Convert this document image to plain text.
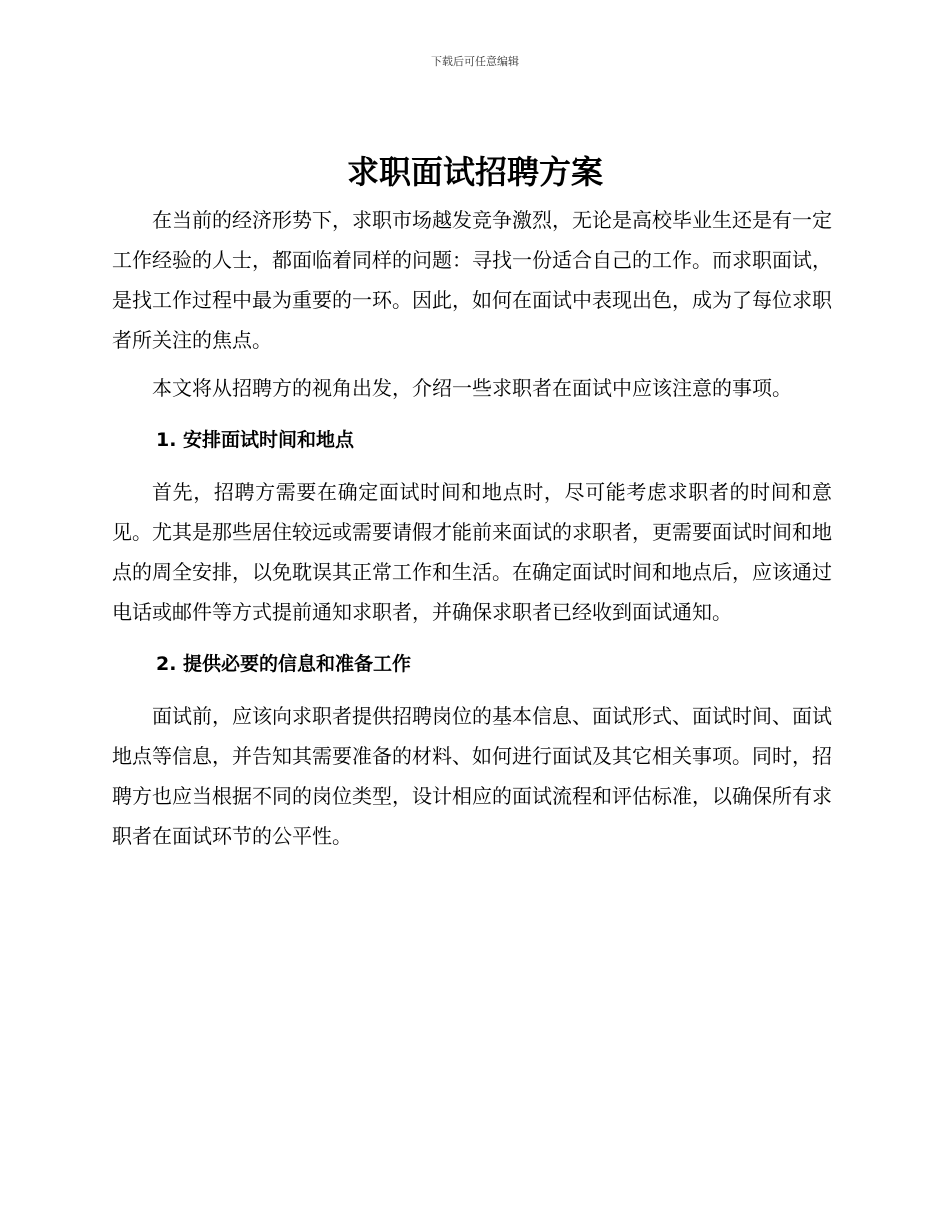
下载后可任意编辑
求职面试招聘方案

在当前的经济形势下，求职市场越发竞争激烈，无论是高校毕业生还是有一定工作经验的人士，都面临着同样的问题：寻找一份适合自己的工作。而求职面试，是找工作过程中最为重要的一环。因此，如何在面试中表现出色，成为了每位求职者所关注的焦点。

本文将从招聘方的视角出发，介绍一些求职者在面试中应该注意的事项。

1. 安排面试时间和地点

首先，招聘方需要在确定面试时间和地点时，尽可能考虑求职者的时间和意见。尤其是那些居住较远或需要请假才能前来面试的求职者，更需要面试时间和地点的周全安排，以免耽误其正常工作和生活。在确定面试时间和地点后，应该通过电话或邮件等方式提前通知求职者，并确保求职者已经收到面试通知。

2. 提供必要的信息和准备工作

面试前，应该向求职者提供招聘岗位的基本信息、面试形式、面试时间、面试地点等信息，并告知其需要准备的材料、如何进行面试及其它相关事项。同时，招聘方也应当根据不同的岗位类型，设计相应的面试流程和评估标准，以确保所有求职者在面试环节的公平性。
